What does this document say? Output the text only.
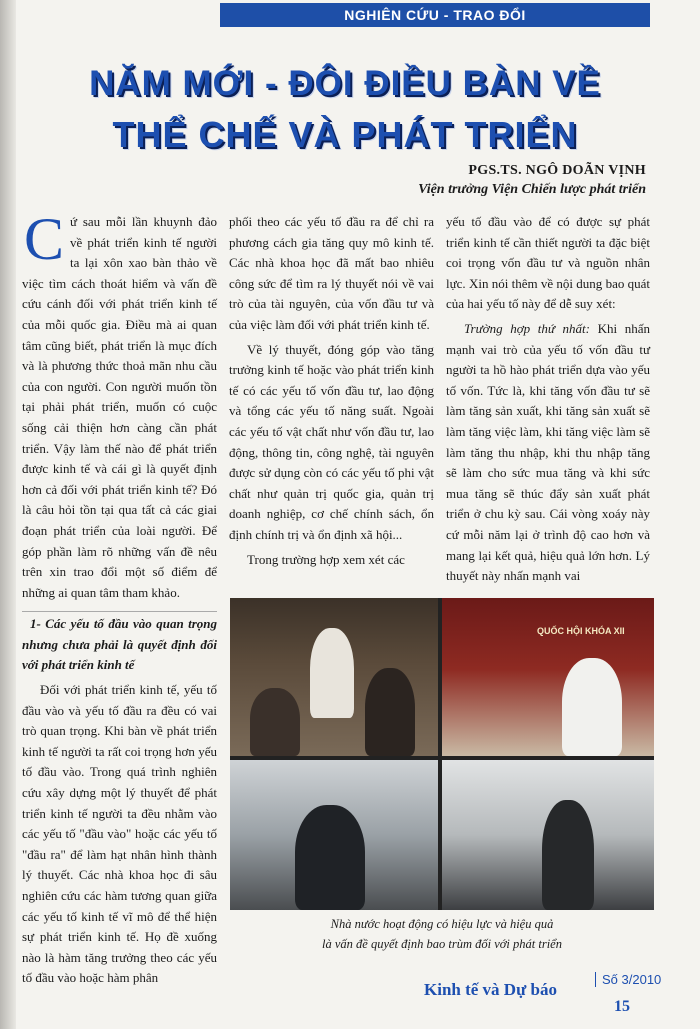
NGHIÊN CỨU - TRAO ĐỔI
NĂM MỚI - ĐÔI ĐIỀU BÀN VỀ
THỂ CHẾ VÀ PHÁT TRIỂN
PGS.TS. NGÔ DOÃN VỊNH
Viện trưởng Viện Chiến lược phát triển

Cứ sau mỗi lần khuynh đảo về phát triển kinh tế người ta lại xôn xao bàn thảo về việc tìm cách thoát hiểm và vấn đề cứu cánh đối với phát triển kinh tế của mỗi quốc gia. Điều mà ai quan tâm cũng biết, phát triển là mục đích và là phương thức thoả mãn nhu cầu của con người. Con người muốn tồn tại phải phát triển, muốn có cuộc sống cải thiện hơn càng cần phát triển. Vậy làm thế nào để phát triển được kinh tế và cái gì là quyết định hơn cả đối với phát triển kinh tế? Đó là câu hỏi tồn tại qua tất cả các giai đoạn phát triển của loài người. Để góp phần làm rõ những vấn đề nêu trên xin trao đổi một số điểm để những ai quan tâm tham khảo.

1- Các yếu tố đầu vào quan trọng nhưng chưa phải là quyết định đối với phát triển kinh tế

Đối với phát triển kinh tế, yếu tố đầu vào và yếu tố đầu ra đều có vai trò quan trọng. Khi bàn về phát triển kinh tế người ta rất coi trọng hơn yếu tố đầu vào. Trong quá trình nghiên cứu xây dựng một lý thuyết để phát triển kinh tế người ta đều nhằm vào các yếu tố "đầu vào" hoặc các yếu tố "đầu ra" để làm hạt nhân hình thành lý thuyết. Các nhà khoa học đi sâu nghiên cứu các hàm tương quan giữa các yếu tố kinh tế vĩ mô để thể hiện sự phát triển kinh tế. Họ đề xuống nào là hàm tăng trưởng theo các yếu tố đầu vào hoặc hàm phân

phối theo các yếu tố đầu ra để chỉ ra phương cách gia tăng quy mô kinh tế. Các nhà khoa học đã mất bao nhiêu công sức để tìm ra lý thuyết nói về vai trò của tài nguyên, của vốn đầu tư và của việc làm đối với phát triển kinh tế.

Về lý thuyết, đóng góp vào tăng trưởng kinh tế hoặc vào phát triển kinh tế có các yếu tố vốn đầu tư, lao động và tổng các yếu tố năng suất. Ngoài các yếu tố vật chất như vốn đầu tư, lao động, thông tin, công nghệ, tài nguyên được sử dụng còn có các yếu tố phi vật chất như quản trị quốc gia, quản trị doanh nghiệp, cơ chế chính sách, ổn định chính trị và ổn định xã hội...

Trong trường hợp xem xét các

yếu tố đầu vào để có được sự phát triển kinh tế cần thiết người ta đặc biệt coi trọng vốn đầu tư và nguồn nhân lực. Xin nói thêm về nội dung bao quát của hai yếu tố này để dễ suy xét:

Trường hợp thứ nhất: Khi nhấn mạnh vai trò của yếu tố vốn đầu tư người ta hồ hào phát triển dựa vào yếu tố vốn. Tức là, khi tăng vốn đầu tư sẽ làm tăng sản xuất, khi tăng sản xuất sẽ làm tăng việc làm, khi tăng việc làm sẽ làm tăng thu nhập, khi thu nhập tăng sẽ làm cho sức mua tăng và khi sức mua tăng sẽ thúc đẩy sản xuất phát triển ở chu kỳ sau. Cái vòng xoáy này cứ mỗi năm lại ở trình độ cao hơn và mang lại kết quả, hiệu quả lớn hơn. Lý thuyết này nhấn mạnh vai

QUỐC HỘI KHÓA XII
Nhà nước hoạt động có hiệu lực và hiệu quả
là vấn đề quyết định bao trùm đối với phát triển
Kinh tế và Dự báo
Số 3/2010
15
